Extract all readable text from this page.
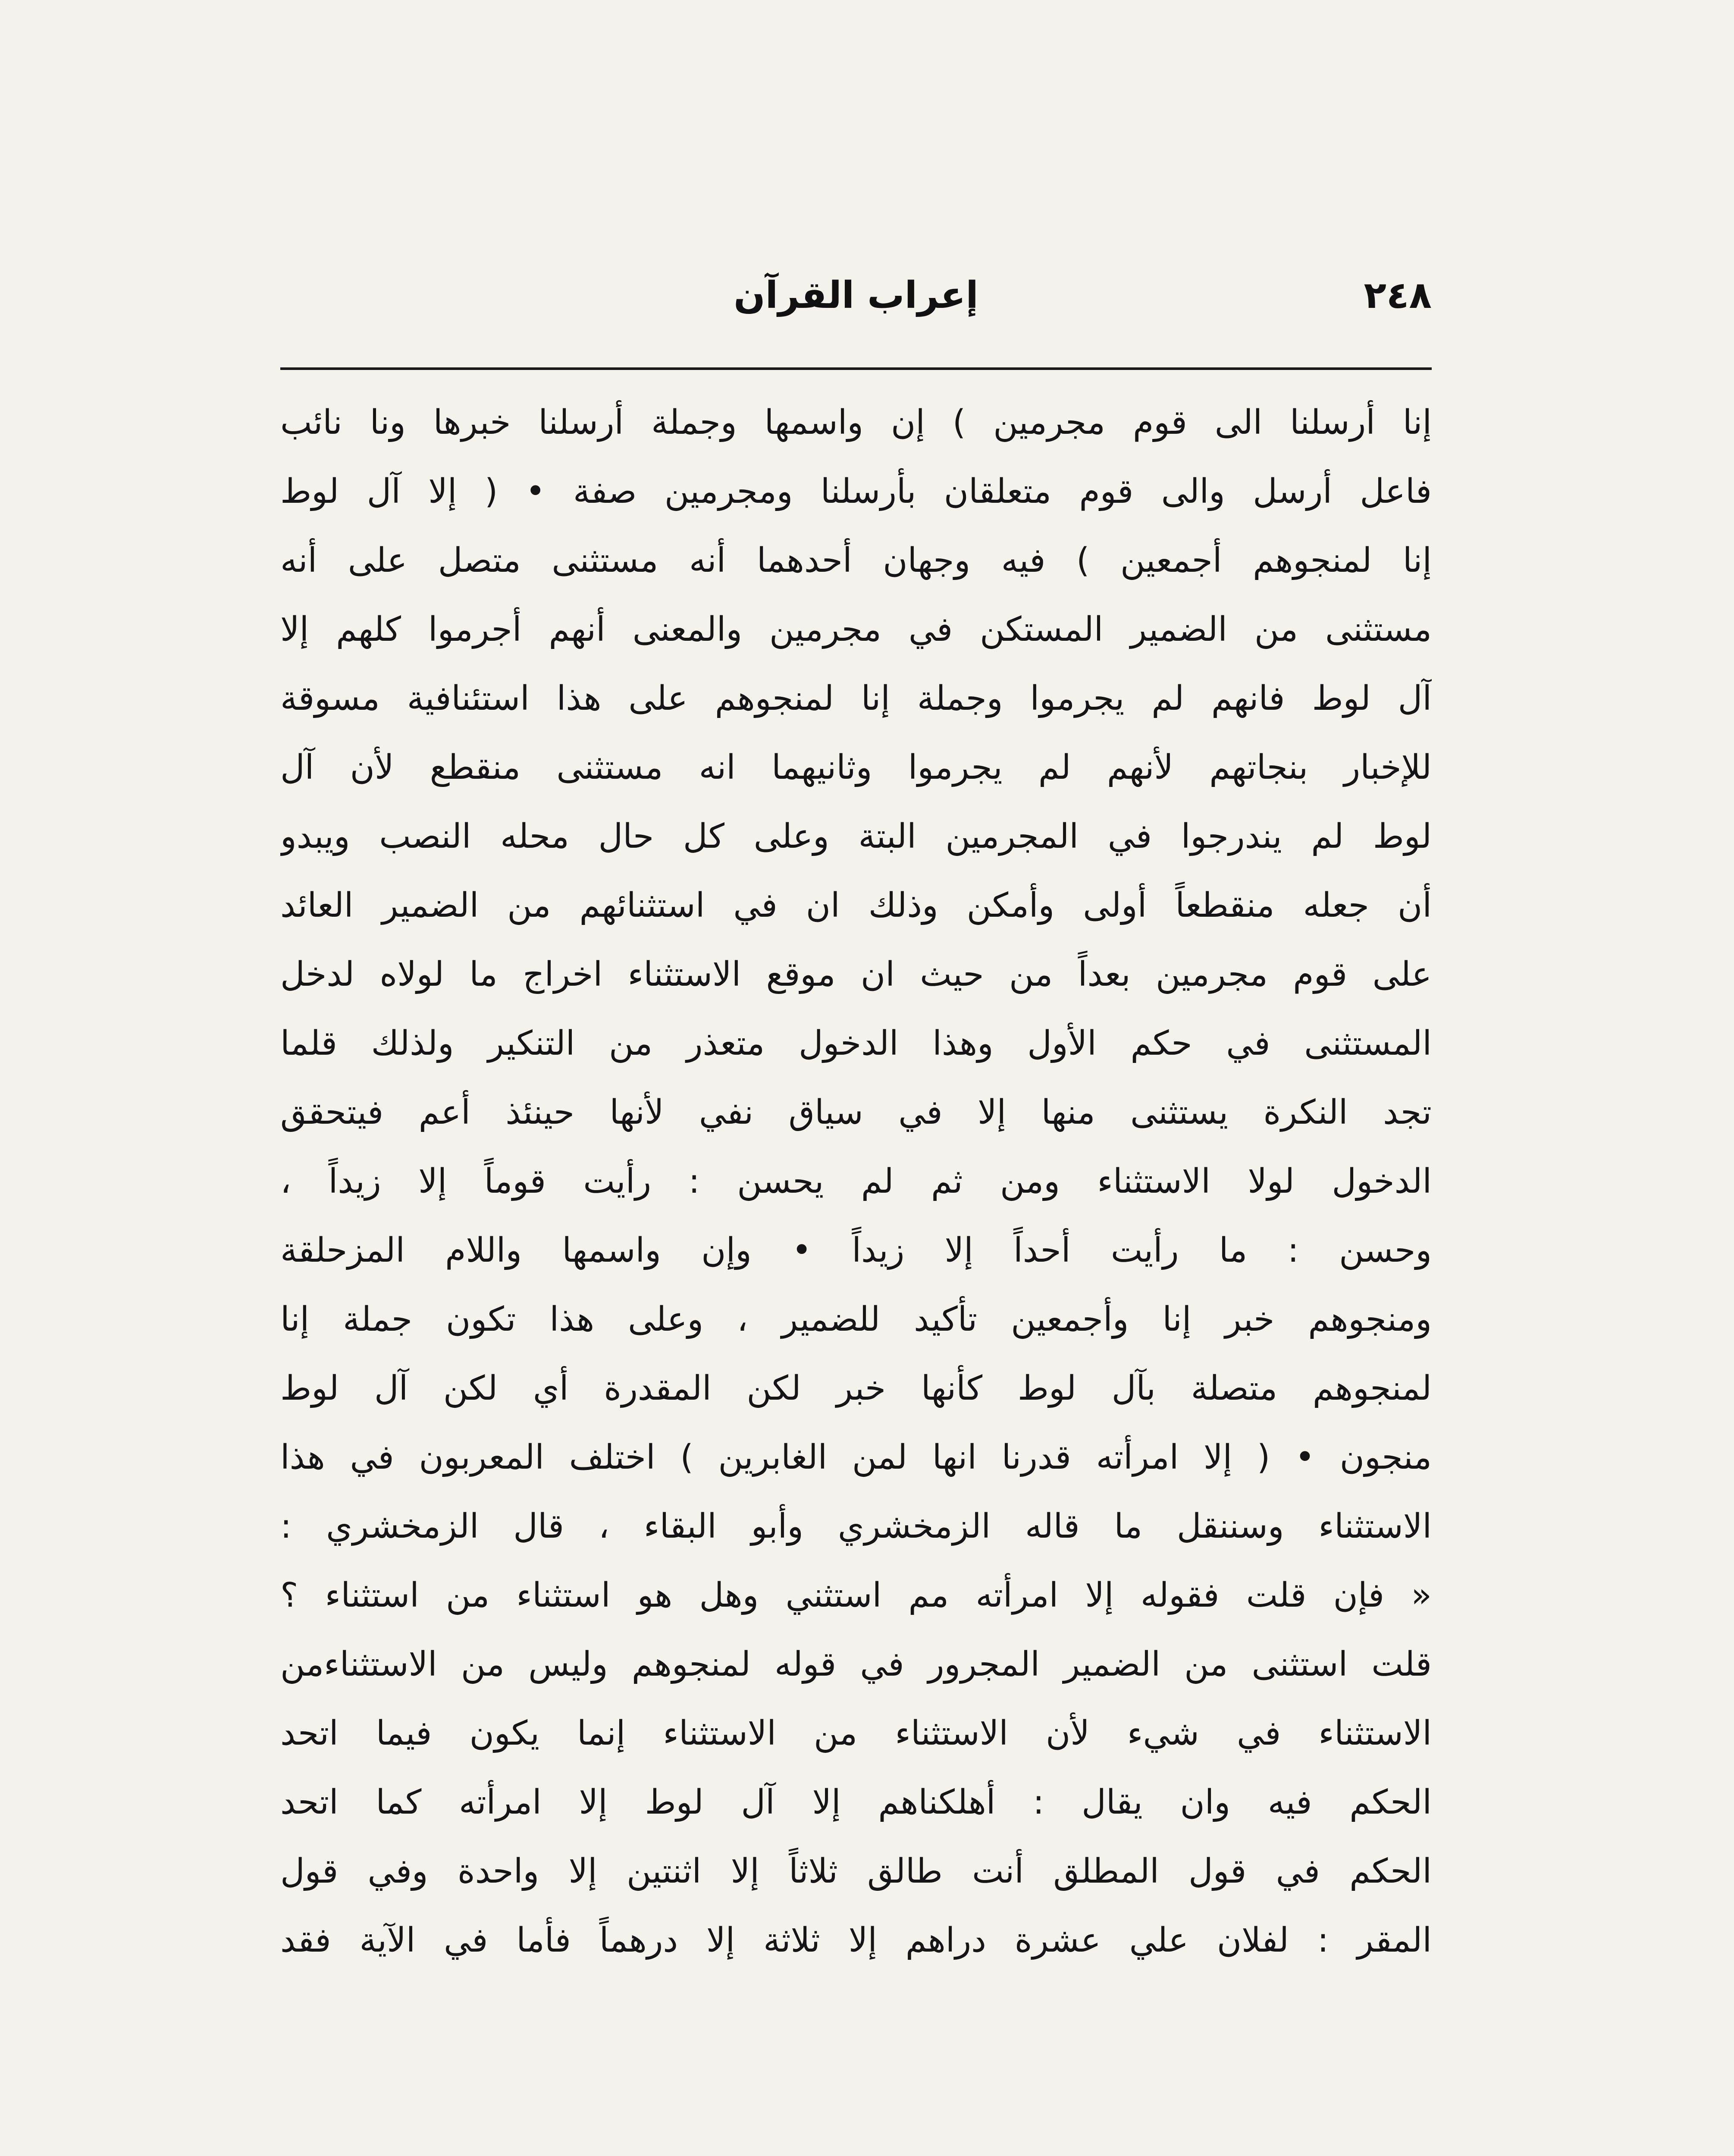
٢٤٨
إعراب القرآن
إنا أرسلنا الى قوم مجرمين ) إن واسمها وجملة أرسلنا خبرها ونا نائب
فاعل أرسل والى قوم متعلقان بأرسلنا ومجرمين صفة • ( إلا آل لوط
إنا لمنجوهم أجمعين ) فيه وجهان أحدهما أنه مستثنى متصل على أنه
مستثنى من الضمير المستكن في مجرمين والمعنى أنهم أجرموا كلهم إلا
آل لوط فانهم لم يجرموا وجملة إنا لمنجوهم على هذا استئنافية مسوقة
للإخبار بنجاتهم لأنهم لم يجرموا وثانيهما انه مستثنى منقطع لأن آل
لوط لم يندرجوا في المجرمين البتة وعلى كل حال محله النصب ويبدو
أن جعله منقطعاً أولى وأمكن وذلك ان في استثنائهم من الضمير العائد
على قوم مجرمين بعداً من حيث ان موقع الاستثناء اخراج ما لولاه لدخل
المستثنى في حكم الأول وهذا الدخول متعذر من التنكير ولذلك قلما
تجد النكرة يستثنى منها إلا في سياق نفي لأنها حينئذ أعم فيتحقق
الدخول لولا الاستثناء ومن ثم لم يحسن : رأيت قوماً إلا زيداً ،
وحسن : ما رأيت أحداً إلا زيداً • وإن واسمها واللام المزحلقة
ومنجوهم خبر إنا وأجمعين تأكيد للضمير ، وعلى هذا تكون جملة إنا
لمنجوهم متصلة بآل لوط كأنها خبر لكن المقدرة أي لكن آل لوط
منجون • ( إلا امرأته قدرنا انها لمن الغابرين ) اختلف المعربون في هذا
الاستثناء وسننقل ما قاله الزمخشري وأبو البقاء ، قال الزمخشري :
« فإن قلت فقوله إلا امرأته مم استثني وهل هو استثناء من استثناء ؟
قلت استثنى من الضمير المجرور في قوله لمنجوهم وليس من الاستثناءمن
الاستثناء في شيء لأن الاستثناء من الاستثناء إنما يكون فيما اتحد
الحكم فيه وان يقال : أهلكناهم إلا آل لوط إلا امرأته كما اتحد
الحكم في قول المطلق أنت طالق ثلاثاً إلا اثنتين إلا واحدة وفي قول
المقر : لفلان علي عشرة دراهم إلا ثلاثة إلا درهماً فأما في الآية فقد
